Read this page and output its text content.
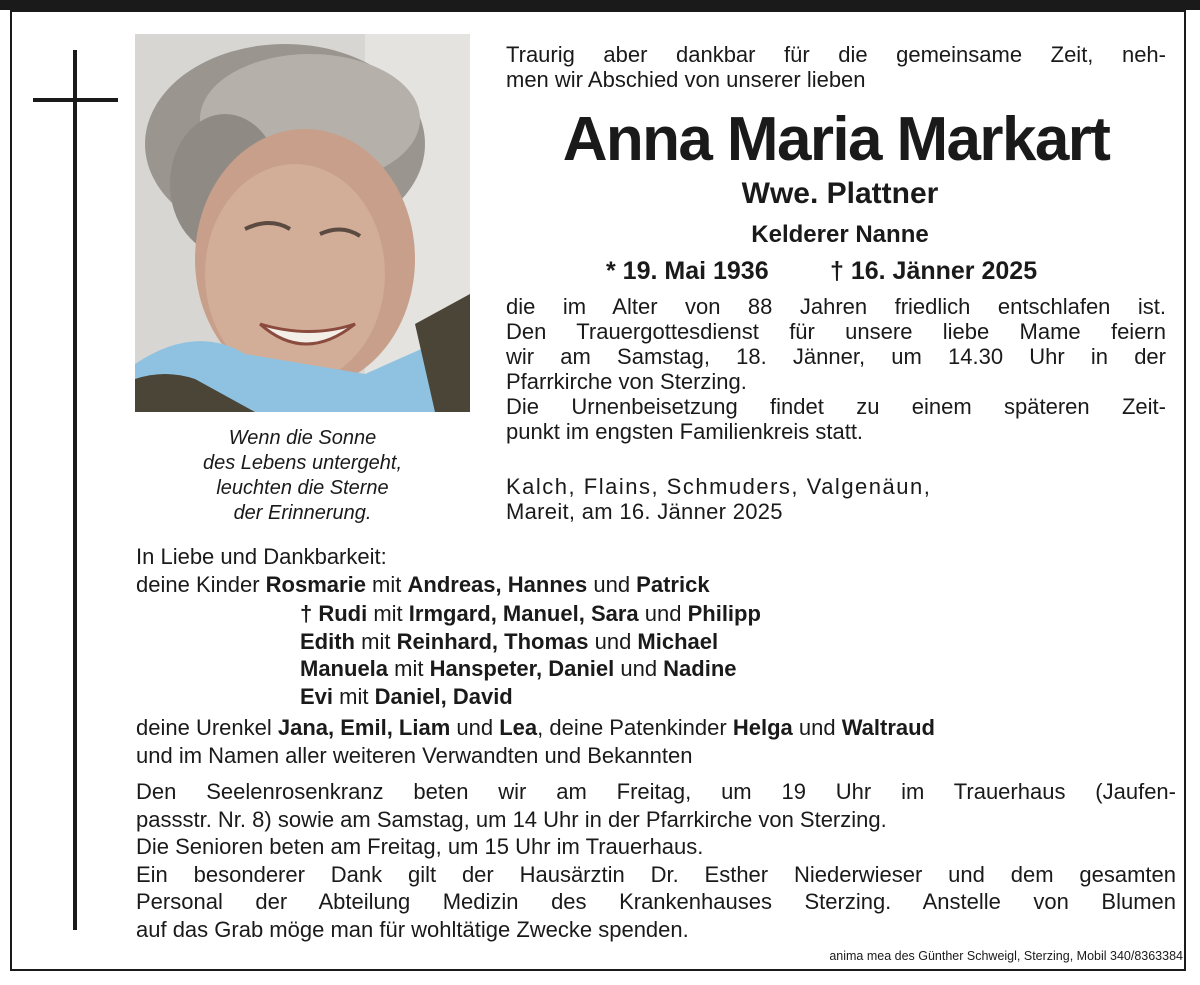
Wenn die Sonne
des Lebens untergeht,
leuchten die Sterne
der Erinnerung.
Traurig aber dankbar für die gemeinsame Zeit, neh-
men wir Abschied von unserer lieben
Anna Maria Markart
Wwe. Plattner
Kelderer Nanne
* 19. Mai 1936 † 16. Jänner 2025
die im Alter von 88 Jahren friedlich entschlafen ist.
Den Trauergottesdienst für unsere liebe Mame feiern
wir am Samstag, 18. Jänner, um 14.30 Uhr in der
Pfarrkirche von Sterzing.
Die Urnenbeisetzung findet zu einem späteren Zeit-
punkt im engsten Familienkreis statt.
Kalch, Flains, Schmuders, Valgenäun,
Mareit, am 16. Jänner 2025
In Liebe und Dankbarkeit:
deine Kinder Rosmarie mit Andreas, Hannes und Patrick
† Rudi mit Irmgard, Manuel, Sara und Philipp
Edith mit Reinhard, Thomas und Michael
Manuela mit Hanspeter, Daniel und Nadine
Evi mit Daniel, David
deine Urenkel Jana, Emil, Liam und Lea, deine Patenkinder Helga und Waltraud
und im Namen aller weiteren Verwandten und Bekannten
Den Seelenrosenkranz beten wir am Freitag, um 19 Uhr im Trauerhaus (Jaufen-
passstr. Nr. 8) sowie am Samstag, um 14 Uhr in der Pfarrkirche von Sterzing.
Die Senioren beten am Freitag, um 15 Uhr im Trauerhaus.
Ein besonderer Dank gilt der Hausärztin Dr. Esther Niederwieser und dem gesamten
Personal der Abteilung Medizin des Krankenhauses Sterzing. Anstelle von Blumen
auf das Grab möge man für wohltätige Zwecke spenden.
anima mea des Günther Schweigl, Sterzing, Mobil 340/8363384
